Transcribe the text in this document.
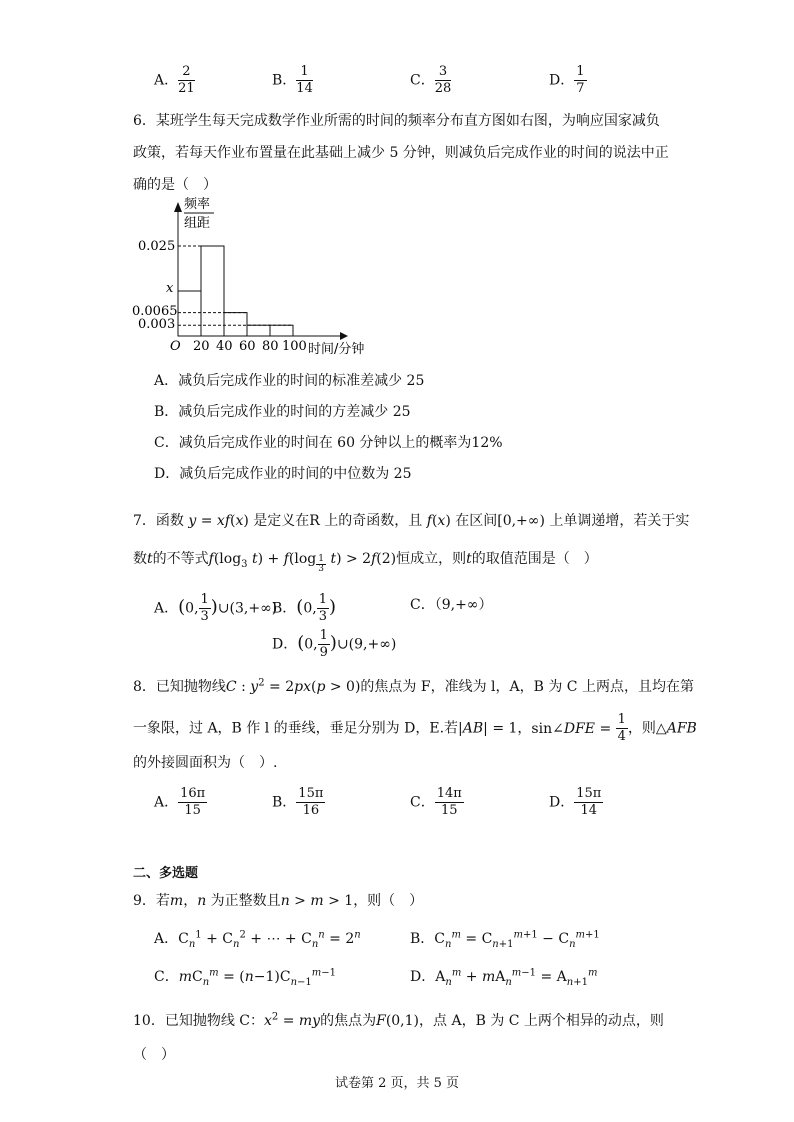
A． $\frac{2}{21}$	B． $\frac{1}{14}$	C． $\frac{3}{28}$	D． $\frac{1}{7}$
6．某班学生每天完成数学作业所需的时间的频率分布直方图如右图，为响应国家减负
政策，若每天作业布置量在此基础上减少 5 分钟，则减负后完成作业的时间的说法中正
确的是（　）
频率
组距
0.025
x
0.0065
0.003
O 20 40 60 80 100 时间/分钟
A．减负后完成作业的时间的标准差减少 25
B．减负后完成作业的时间的方差减少 25
C．减负后完成作业的时间在 60 分钟以上的概率为12%
D．减负后完成作业的时间的中位数为 25
7．函数 y = xf(x) 是定义在R 上的奇函数，且 f(x) 在区间[0,+∞) 上单调递增，若关于实
数t的不等式$f(\log_3$ t) + f(log $_{\frac{1}{3}}$ t) > 2f(2)恒成立，则t的取值范围是（　）
A．(0, $\frac{1}{3}$ )∪(3,+∞)
B．(0, $\frac{1}{3}$ )	C．（9,+∞）
D．(0, $\frac{1}{9}$ )∪(9,+∞)
8．已知抛物线C : $y^2 = 2px(p > 0)$的焦点为 F，准线为 l，A，B 为 C 上两点，且均在第
一象限，过 A，B 作 l 的垂线，垂足分别为 D，E.若|AB| = 1，sin∠DFE = $\frac{1}{4}$ ，则△AFB
的外接圆面积为（　）.
A． $\frac{16\pi}{15}$	B． $\frac{15\pi}{16}$	C． $\frac{14\pi}{15}$	D． $\frac{15\pi}{14}$
二、多选题
9．若m，n 为正整数且n > m > 1，则（　）
A．$C_n^1 + C_n^2$ + ⋯ + $C_n^n = 2^n$	B．$C_n^m = C_{n+1}^{m+1} - C_n^{m+1}$
C．$mC_n^m = (n-1)C_{n-1}^{m-1}$	D．$A_n^m + mA_n^{m-1} = A_{n+1}^m$
10．已知抛物线 C：$x^2$ = my的焦点为F(0,1)，点 A，B 为 C 上两个相异的动点，则
（　）
试卷第 2 页，共 5 页
